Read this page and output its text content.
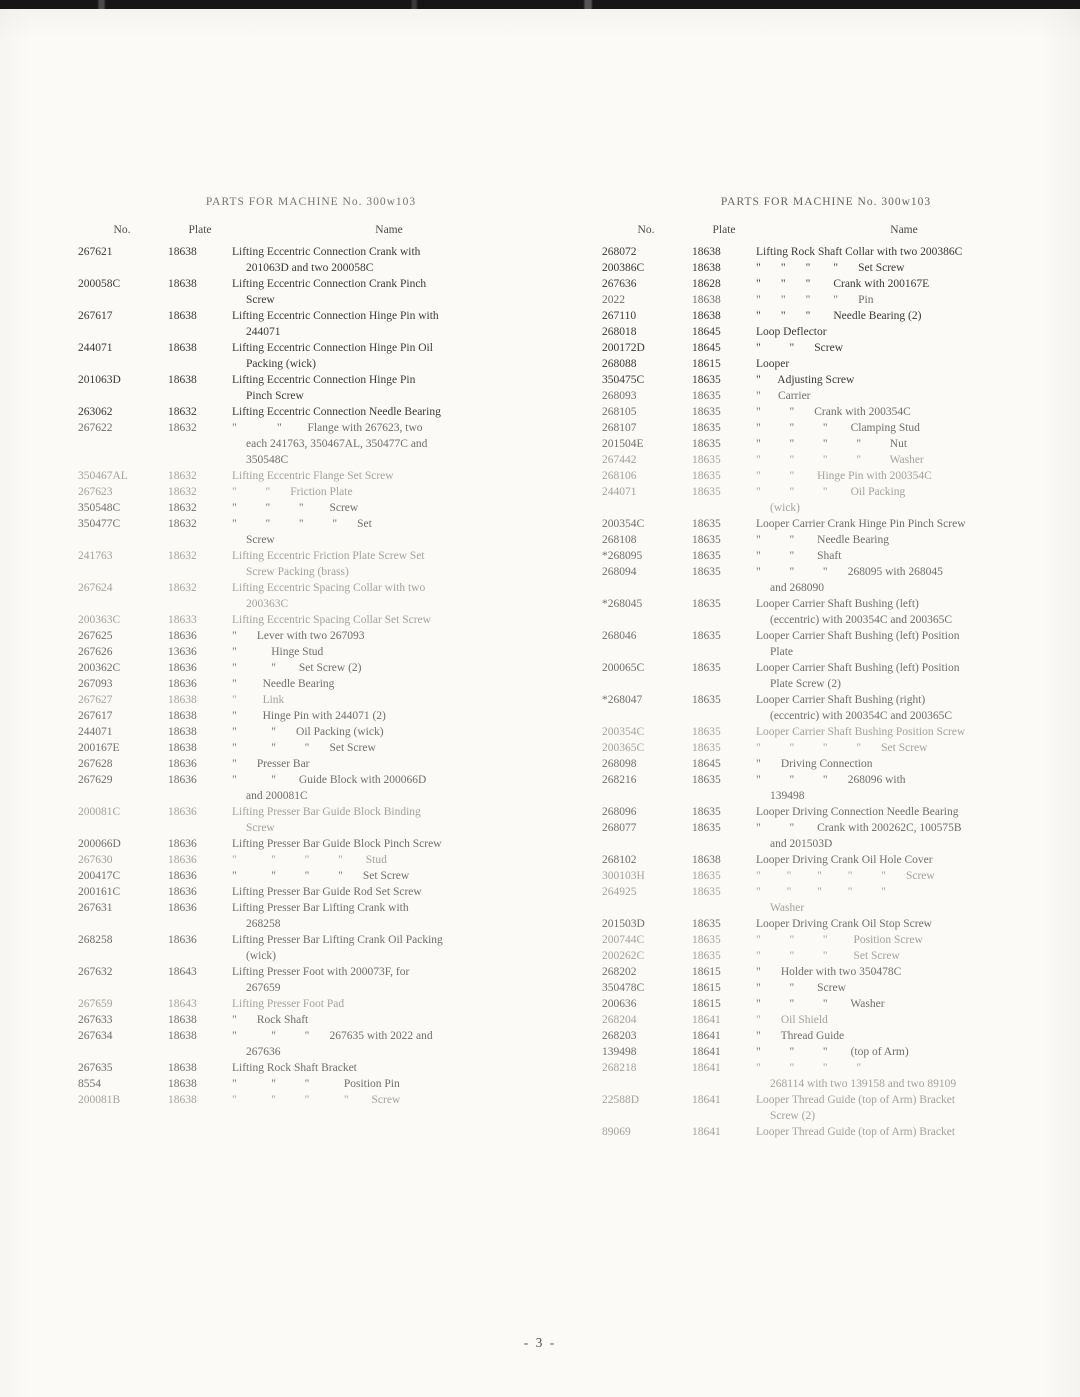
PARTS FOR MACHINE No. 300w103
No.	Plate	Name
267621	18638	Lifting Eccentric Connection Crank with
201063D and two 200058C
200058C	18638	Lifting Eccentric Connection Crank Pinch
Screw
267617	18638	Lifting Eccentric Connection Hinge Pin with
244071
244071	18638	Lifting Eccentric Connection Hinge Pin Oil
Packing (wick)
201063D	18638	Lifting Eccentric Connection Hinge Pin
Pinch Screw
263062	18632	Lifting Eccentric Connection Needle Bearing
267622	18632	"              "         Flange with 267623, two
each 241763, 350467AL, 350477C and
350548C
350467AL	18632	Lifting Eccentric Flange Set Screw
267623	18632	"          "       Friction Plate
350548C	18632	"          "          "         Screw
350477C	18632	"          "          "          "       Set
Screw
241763	18632	Lifting Eccentric Friction Plate Screw Set
Screw Packing (brass)
267624	18632	Lifting Eccentric Spacing Collar with two
200363C
200363C	18633	Lifting Eccentric Spacing Collar Set Screw
267625	18636	"       Lever with two 267093
267626	13636	"            Hinge Stud
200362C	18636	"            "        Set Screw (2)
267093	18636	"         Needle Bearing
267627	18638	"         Link
267617	18638	"         Hinge Pin with 244071 (2)
244071	18638	"            "       Oil Packing (wick)
200167E	18638	"            "          "       Set Screw
267628	18636	"       Presser Bar
267629	18636	"            "        Guide Block with 200066D
and 200081C
200081C	18636	Lifting Presser Bar Guide Block Binding
Screw
200066D	18636	Lifting Presser Bar Guide Block Pinch Screw
267630	18636	"            "          "          "        Stud
200417C	18636	"            "          "          "       Set Screw
200161C	18636	Lifting Presser Bar Guide Rod Set Screw
267631	18636	Lifting Presser Bar Lifting Crank with
268258
268258	18636	Lifting Presser Bar Lifting Crank Oil Packing
(wick)
267632	18643	Lifting Presser Foot with 200073F, for
267659
267659	18643	Lifting Presser Foot Pad
267633	18638	"       Rock Shaft
267634	18638	"            "          "       267635 with 2022 and
267636
267635	18638	Lifting Rock Shaft Bracket
8554	18638	"            "          "            Position Pin
200081B	18638	"            "          "            "        Screw
PARTS FOR MACHINE No. 300w103
No.	Plate	Name
268072	18638	Lifting Rock Shaft Collar with two 200386C
200386C	18638	"       "       "        "       Set Screw
267636	18628	"       "       "        Crank with 200167E
2022	18638	"       "       "        "       Pin
267110	18638	"       "       "        Needle Bearing (2)
268018	18645	Loop Deflector
200172D	18645	"          "       Screw
268088	18615	Looper
350475C	18635	"      Adjusting Screw
268093	18635	"      Carrier
268105	18635	"          "       Crank with 200354C
268107	18635	"          "          "        Clamping Stud
201504E	18635	"          "          "          "          Nut
267442	18635	"          "          "          "          Washer
268106	18635	"          "        Hinge Pin with 200354C
244071	18635	"          "          "        Oil Packing
(wick)
200354C	18635	Looper Carrier Crank Hinge Pin Pinch Screw
268108	18635	"          "        Needle Bearing
*268095	18635	"          "        Shaft
268094	18635	"          "          "       268095 with 268045
and 268090
*268045	18635	Looper Carrier Shaft Bushing (left)
(eccentric) with 200354C and 200365C
268046	18635	Looper Carrier Shaft Bushing (left) Position
Plate
200065C	18635	Looper Carrier Shaft Bushing (left) Position
Plate Screw (2)
*268047	18635	Looper Carrier Shaft Bushing (right)
(eccentric) with 200354C and 200365C
200354C	18635	Looper Carrier Shaft Bushing Position Screw
200365C	18635	"          "          "          "       Set Screw
268098	18645	"       Driving Connection
268216	18635	"          "          "       268096 with
139498
268096	18635	Looper Driving Connection Needle Bearing
268077	18635	"          "        Crank with 200262C, 100575B
and 201503D
268102	18638	Looper Driving Crank Oil Hole Cover
300103H	18635	"         "         "         "          "       Screw
264925	18635	"         "         "         "          "
Washer
201503D	18635	Looper Driving Crank Oil Stop Screw
200744C	18635	"          "          "         Position Screw
200262C	18635	"          "          "         Set Screw
268202	18615	"       Holder with two 350478C
350478C	18615	"          "        Screw
200636	18615	"          "          "        Washer
268204	18641	"       Oil Shield
268203	18641	"       Thread Guide
139498	18641	"          "          "        (top of Arm)
268218	18641	"          "          "          "
268114 with two 139158 and two 89109
22588D	18641	Looper Thread Guide (top of Arm) Bracket
Screw (2)
89069	18641	Looper Thread Guide (top of Arm) Bracket
- 3 -
